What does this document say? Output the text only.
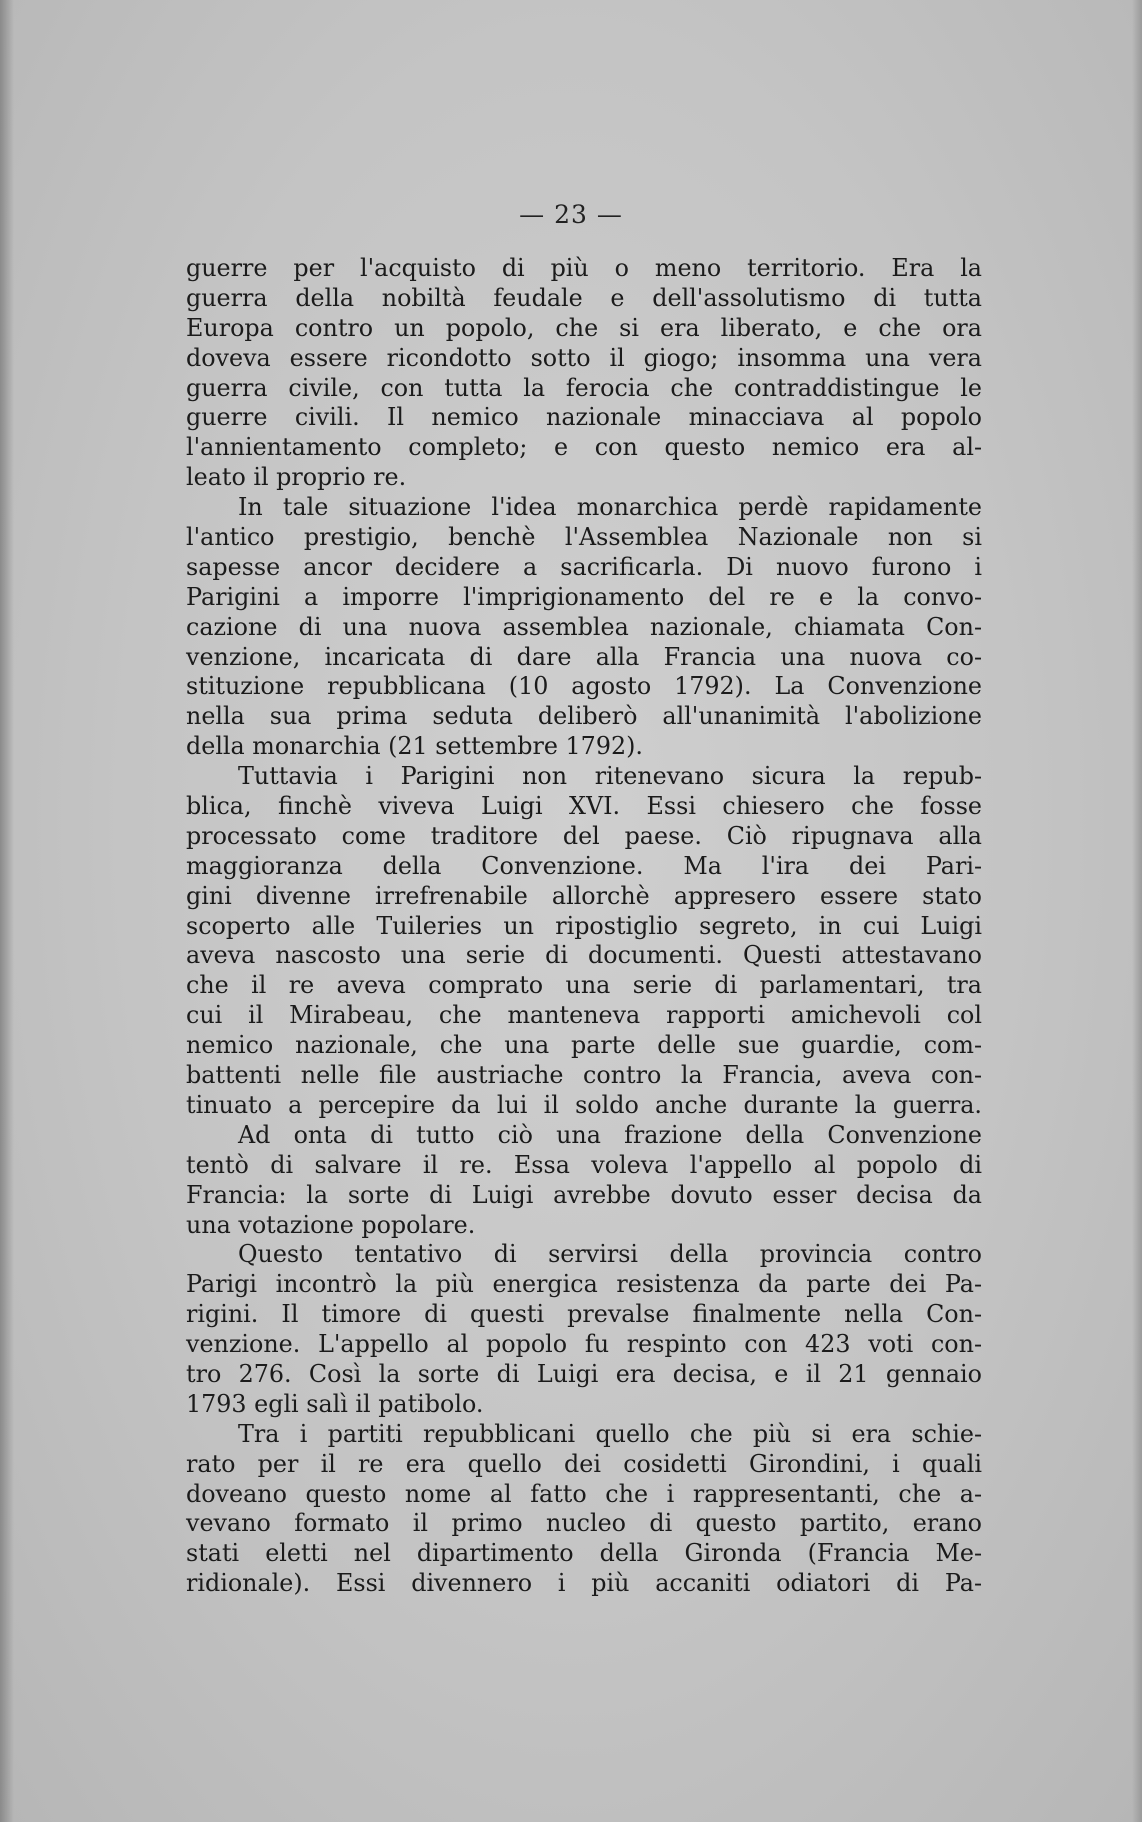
— 23 —
guerre per l'acquisto di più o meno territorio. Era la
guerra della nobiltà feudale e dell'assolutismo di tutta
Europa contro un popolo, che si era liberato, e che ora
doveva essere ricondotto sotto il giogo; insomma una vera
guerra civile, con tutta la ferocia che contraddistingue le
guerre civili. Il nemico nazionale minacciava al popolo
l'annientamento completo; e con questo nemico era al-
leato il proprio re.
In tale situazione l'idea monarchica perdè rapidamente
l'antico prestigio, benchè l'Assemblea Nazionale non si
sapesse ancor decidere a sacrificarla. Di nuovo furono i
Parigini a imporre l'imprigionamento del re e la convo-
cazione di una nuova assemblea nazionale, chiamata Con-
venzione, incaricata di dare alla Francia una nuova co-
stituzione repubblicana (10 agosto 1792). La Convenzione
nella sua prima seduta deliberò all'unanimità l'abolizione
della monarchia (21 settembre 1792).
Tuttavia i Parigini non ritenevano sicura la repub-
blica, finchè viveva Luigi XVI. Essi chiesero che fosse
processato come traditore del paese. Ciò ripugnava alla
maggioranza della Convenzione. Ma l'ira dei Pari-
gini divenne irrefrenabile allorchè appresero essere stato
scoperto alle Tuileries un ripostiglio segreto, in cui Luigi
aveva nascosto una serie di documenti. Questi attestavano
che il re aveva comprato una serie di parlamentari, tra
cui il Mirabeau, che manteneva rapporti amichevoli col
nemico nazionale, che una parte delle sue guardie, com-
battenti nelle file austriache contro la Francia, aveva con-
tinuato a percepire da lui il soldo anche durante la guerra.
Ad onta di tutto ciò una frazione della Convenzione
tentò di salvare il re. Essa voleva l'appello al popolo di
Francia: la sorte di Luigi avrebbe dovuto esser decisa da
una votazione popolare.
Questo tentativo di servirsi della provincia contro
Parigi incontrò la più energica resistenza da parte dei Pa-
rigini. Il timore di questi prevalse finalmente nella Con-
venzione. L'appello al popolo fu respinto con 423 voti con-
tro 276. Così la sorte di Luigi era decisa, e il 21 gennaio
1793 egli salì il patibolo.
Tra i partiti repubblicani quello che più si era schie-
rato per il re era quello dei cosidetti Girondini, i quali
doveano questo nome al fatto che i rappresentanti, che a-
vevano formato il primo nucleo di questo partito, erano
stati eletti nel dipartimento della Gironda (Francia Me-
ridionale). Essi divennero i più accaniti odiatori di Pa-
